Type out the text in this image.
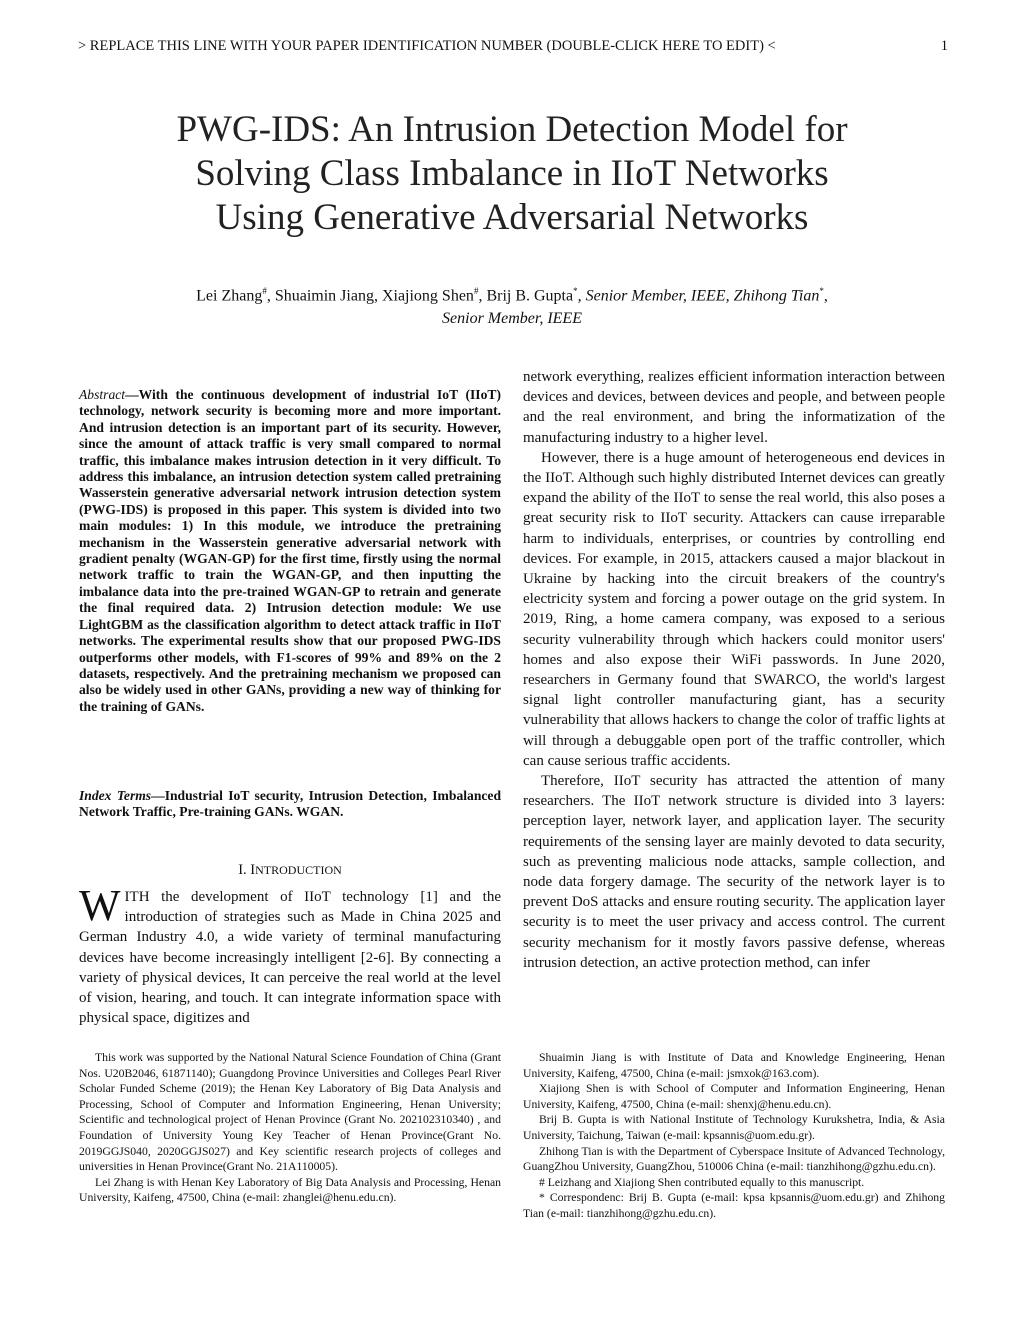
> REPLACE THIS LINE WITH YOUR PAPER IDENTIFICATION NUMBER (DOUBLE-CLICK HERE TO EDIT) <	1
PWG-IDS: An Intrusion Detection Model for
Solving Class Imbalance in IIoT Networks
Using Generative Adversarial Networks
Lei Zhang#, Shuaimin Jiang, Xiajiong Shen#, Brij B. Gupta*, Senior Member, IEEE, Zhihong Tian*,
Senior Member, IEEE
Abstract—With the continuous development of industrial IoT (IIoT) technology, network security is becoming more and more important. And intrusion detection is an important part of its security. However, since the amount of attack traffic is very small compared to normal traffic, this imbalance makes intrusion detection in it very difficult. To address this imbalance, an intrusion detection system called pretraining Wasserstein generative adversarial network intrusion detection system (PWG-IDS) is proposed in this paper. This system is divided into two main modules: 1) In this module, we introduce the pretraining mechanism in the Wasserstein generative adversarial network with gradient penalty (WGAN-GP) for the first time, firstly using the normal network traffic to train the WGAN-GP, and then inputting the imbalance data into the pre-trained WGAN-GP to retrain and generate the final required data. 2) Intrusion detection module: We use LightGBM as the classification algorithm to detect attack traffic in IIoT networks. The experimental results show that our proposed PWG-IDS outperforms other models, with F1-scores of 99% and 89% on the 2 datasets, respectively. And the pretraining mechanism we proposed can also be widely used in other GANs, providing a new way of thinking for the training of GANs.
Index Terms—Industrial IoT security, Intrusion Detection, Imbalanced Network Traffic, Pre-training GANs. WGAN.
I. INTRODUCTION
WITH the development of IIoT technology [1] and the introduction of strategies such as Made in China 2025 and German Industry 4.0, a wide variety of terminal manufacturing devices have become increasingly intelligent [2-6]. By connecting a variety of physical devices, It can perceive the real world at the level of vision, hearing, and touch. It can integrate information space with physical space, digitizes and

network everything, realizes efficient information interaction between devices and devices, between devices and people, and between people and the real environment, and bring the informatization of the manufacturing industry to a higher level.

However, there is a huge amount of heterogeneous end devices in the IIoT. Although such highly distributed Internet devices can greatly expand the ability of the IIoT to sense the real world, this also poses a great security risk to IIoT security. Attackers can cause irreparable harm to individuals, enterprises, or countries by controlling end devices. For example, in 2015, attackers caused a major blackout in Ukraine by hacking into the circuit breakers of the country's electricity system and forcing a power outage on the grid system. In 2019, Ring, a home camera company, was exposed to a serious security vulnerability through which hackers could monitor users' homes and also expose their WiFi passwords. In June 2020, researchers in Germany found that SWARCO, the world's largest signal light controller manufacturing giant, has a security vulnerability that allows hackers to change the color of traffic lights at will through a debuggable open port of the traffic controller, which can cause serious traffic accidents.

Therefore, IIoT security has attracted the attention of many researchers. The IIoT network structure is divided into 3 layers: perception layer, network layer, and application layer. The security requirements of the sensing layer are mainly devoted to data security, such as preventing malicious node attacks, sample collection, and node data forgery damage. The security of the network layer is to prevent DoS attacks and ensure routing security. The application layer security is to meet the user privacy and access control. The current security mechanism for it mostly favors passive defense, whereas intrusion detection, an active protection method, can infer

This work was supported by the National Natural Science Foundation of China (Grant Nos. U20B2046, 61871140); Guangdong Province Universities and Colleges Pearl River Scholar Funded Scheme (2019); the Henan Key Laboratory of Big Data Analysis and Processing, School of Computer and Information Engineering, Henan University; Scientific and technological project of Henan Province (Grant No. 202102310340) , and Foundation of University Young Key Teacher of Henan Province(Grant No. 2019GGJS040, 2020GGJS027) and Key scientific research projects of colleges and universities in Henan Province(Grant No. 21A110005).

Lei Zhang is with Henan Key Laboratory of Big Data Analysis and Processing, Henan University, Kaifeng, 47500, China (e-mail: zhanglei@henu.edu.cn).

Shuaimin Jiang is with Institute of Data and Knowledge Engineering, Henan University, Kaifeng, 47500, China (e-mail: jsmxok@163.com).

Xiajiong Shen is with School of Computer and Information Engineering, Henan University, Kaifeng, 47500, China (e-mail: shenxj@henu.edu.cn).

Brij B. Gupta is with National Institute of Technology Kurukshetra, India, & Asia University, Taichung, Taiwan (e-mail: kpsannis@uom.edu.gr).

Zhihong Tian is with the Department of Cyberspace Insitute of Advanced Technology, GuangZhou University, GuangZhou, 510006 China (e-mail: tianzhihong@gzhu.edu.cn).

# Leizhang and Xiajiong Shen contributed equally to this manuscript.

* Correspondenc: Brij B. Gupta (e-mail: kpsa kpsannis@uom.edu.gr) and Zhihong Tian (e-mail: tianzhihong@gzhu.edu.cn).
